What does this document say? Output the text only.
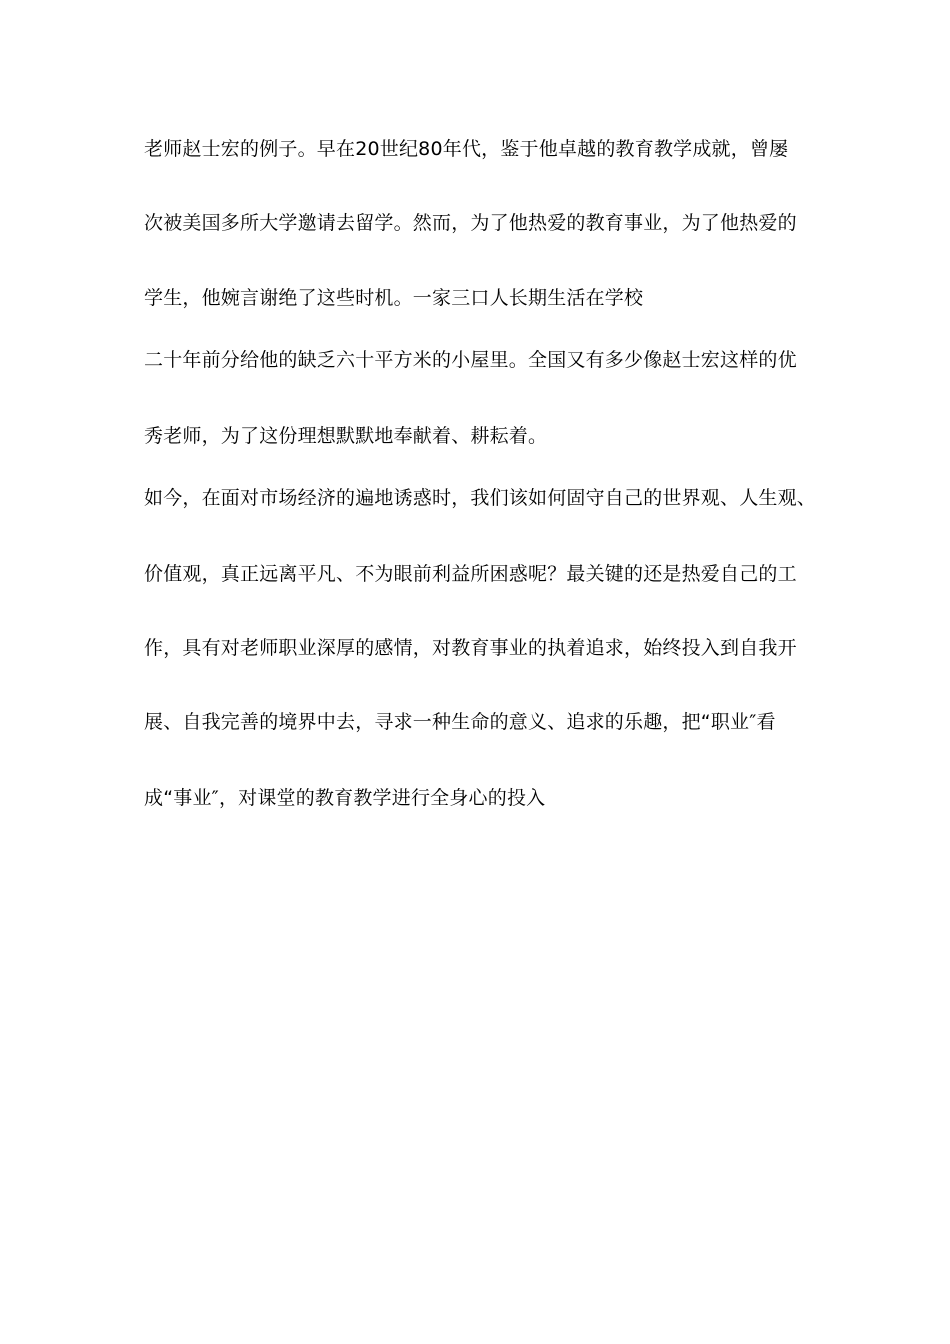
老师赵士宏的例子。早在20世纪80年代，鉴于他卓越的教育教学成就，曾屡
次被美国多所大学邀请去留学。然而，为了他热爱的教育事业，为了他热爱的
学生，他婉言谢绝了这些时机。一家三口人长期生活在学校
二十年前分给他的缺乏六十平方米的小屋里。全国又有多少像赵士宏这样的优
秀老师，为了这份理想默默地奉献着、耕耘着。
如今，在面对市场经济的遍地诱惑时，我们该如何固守自己的世界观、人生观、
价值观，真正远离平凡、不为眼前利益所困惑呢？最关键的还是热爱自己的工
作，具有对老师职业深厚的感情，对教育事业的执着追求，始终投入到自我开
展、自我完善的境界中去，寻求一种生命的意义、追求的乐趣，把“职业″看
成“事业″，对课堂的教育教学进行全身心的投入
